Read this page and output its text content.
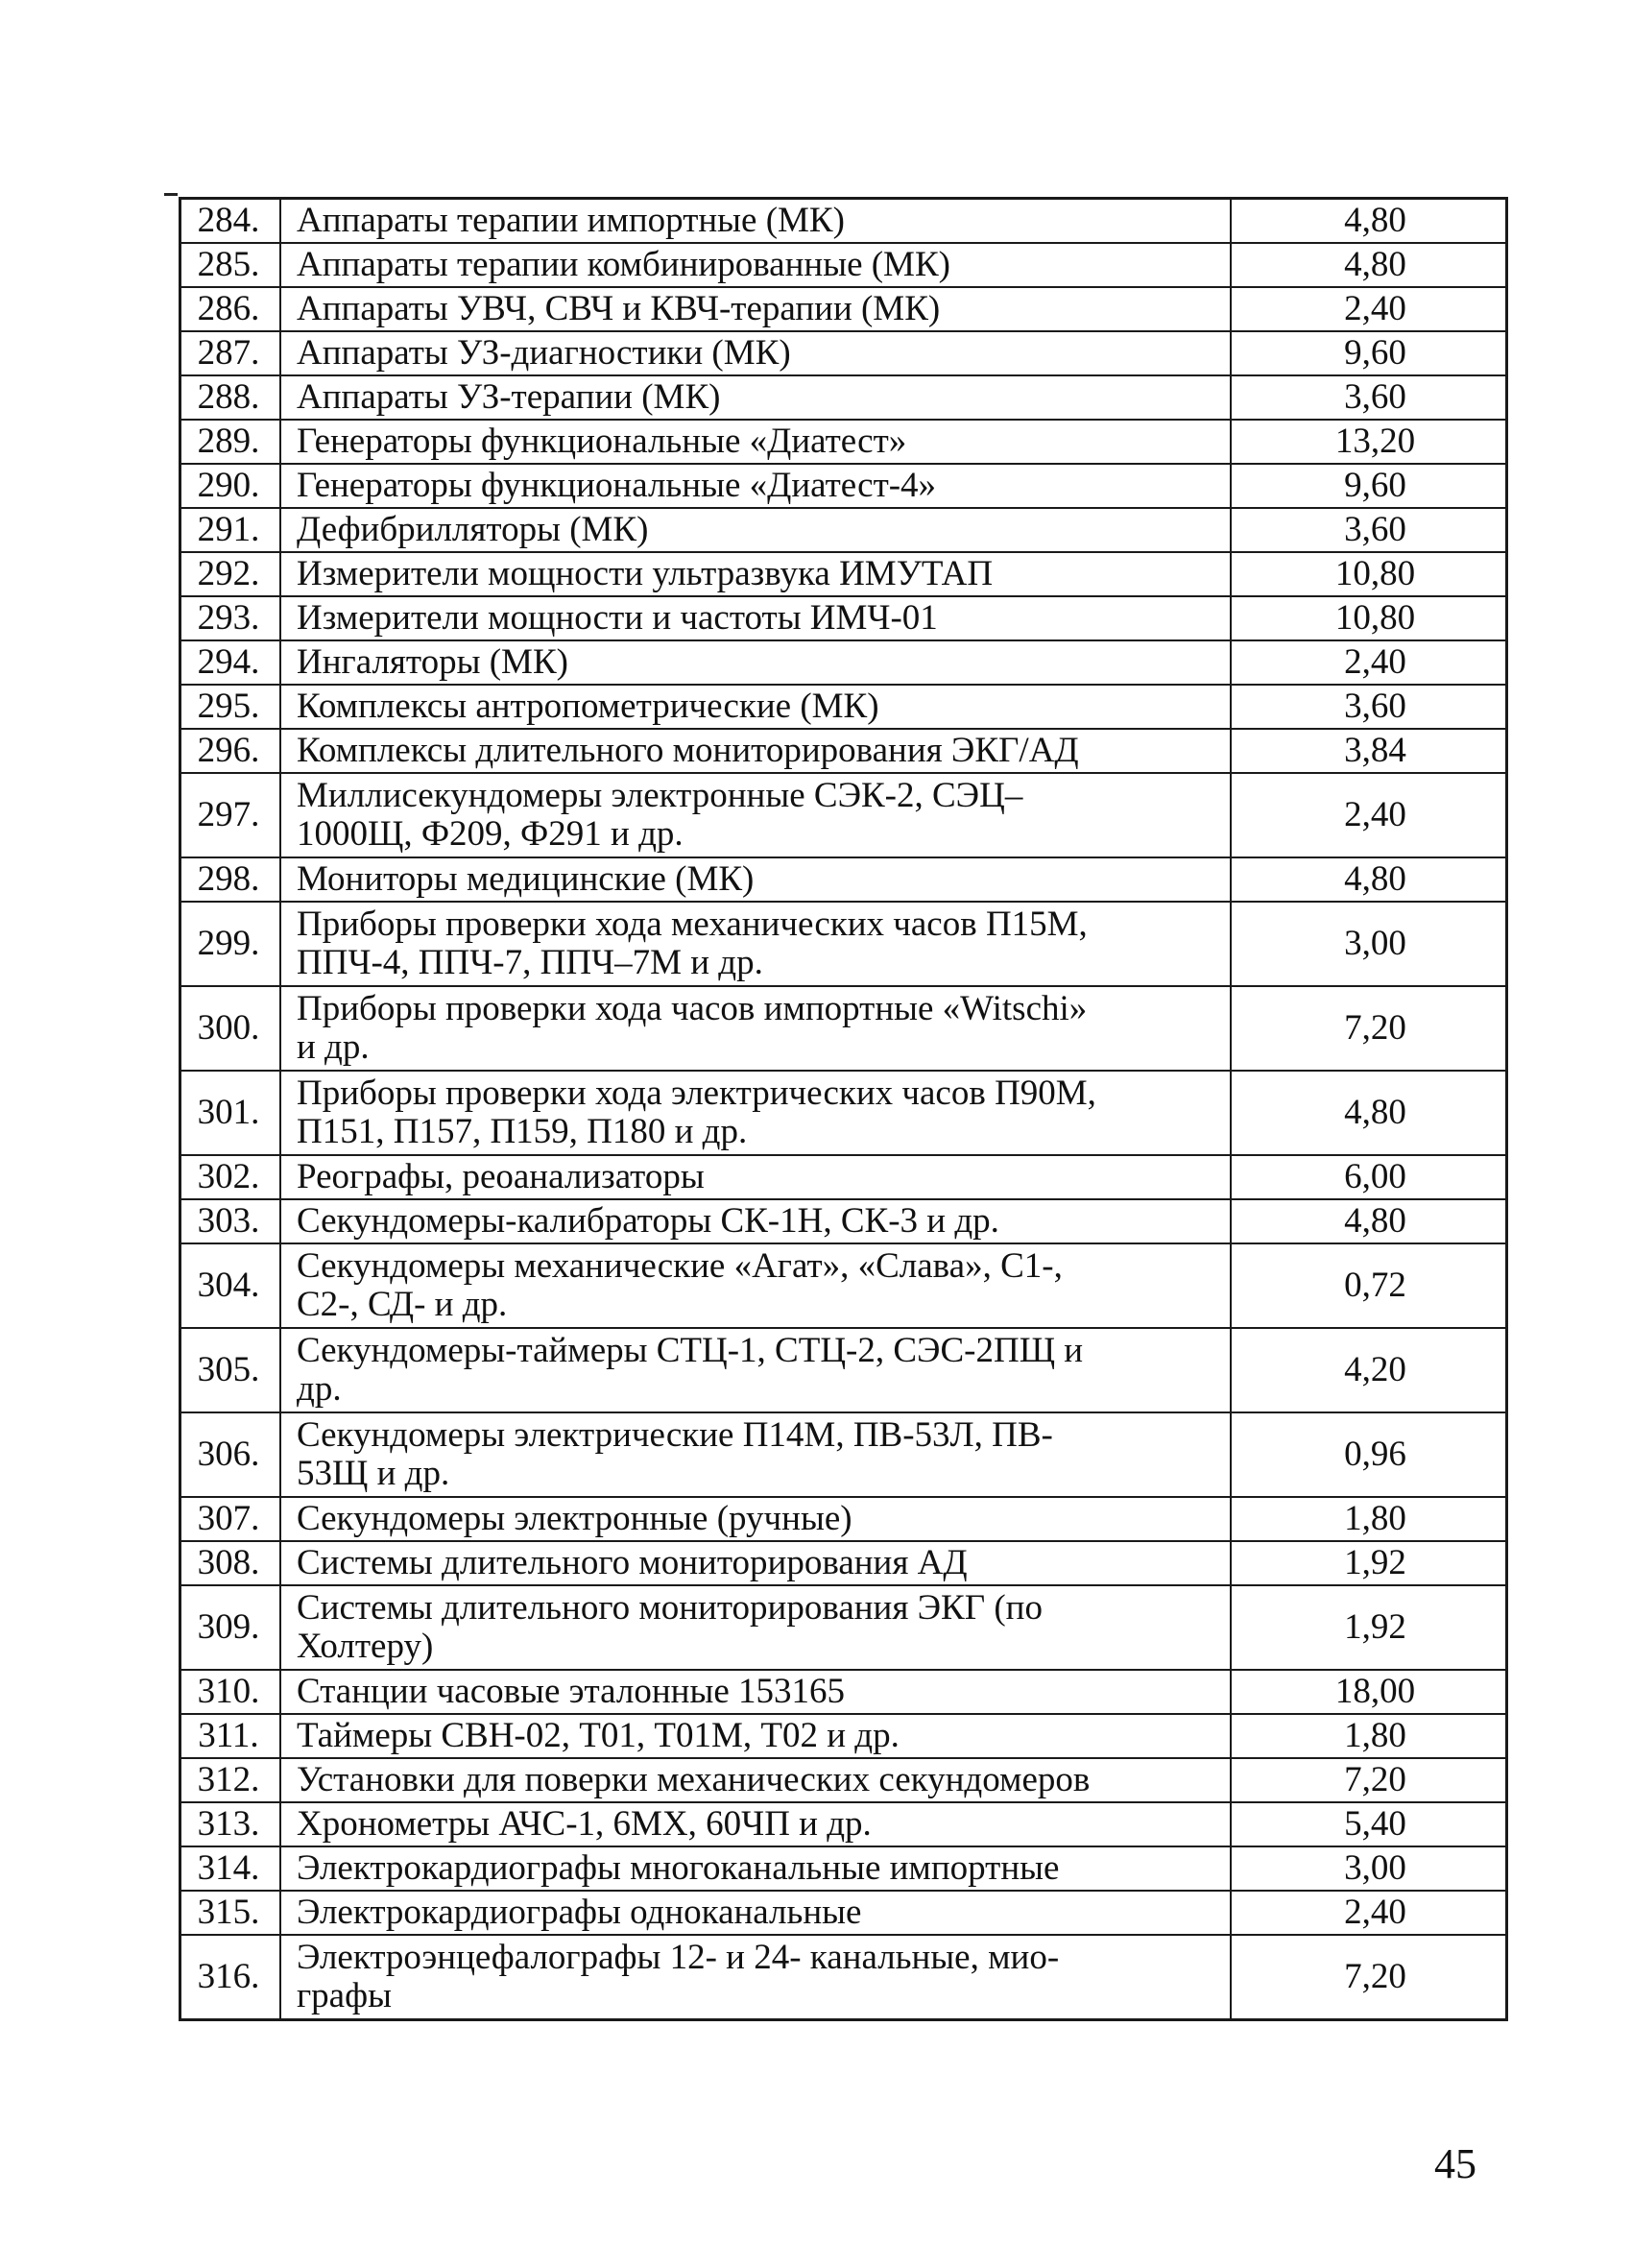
284.	Аппараты терапии импортные (МК)	4,80
285.	Аппараты терапии комбинированные (МК)	4,80
286.	Аппараты УВЧ, СВЧ и КВЧ-терапии (МК)	2,40
287.	Аппараты УЗ-диагностики (МК)	9,60
288.	Аппараты УЗ-терапии (МК)	3,60
289.	Генераторы функциональные «Диатест»	13,20
290.	Генераторы функциональные «Диатест-4»	9,60
291.	Дефибрилляторы (МК)	3,60
292.	Измерители мощности ультразвука ИМУТАП	10,80
293.	Измерители мощности и частоты ИМЧ-01	10,80
294.	Ингаляторы (МК)	2,40
295.	Комплексы антропометрические (МК)	3,60
296.	Комплексы длительного мониторирования ЭКГ/АД	3,84
297.	Миллисекундомеры электронные СЭК-2, СЭЦ–
1000Щ, Ф209, Ф291 и др.	2,40
298.	Мониторы медицинские (МК)	4,80
299.	Приборы проверки хода механических часов П15М,
ППЧ-4, ППЧ-7, ППЧ–7М и др.	3,00
300.	Приборы проверки хода часов импортные «Witschi»
и др.	7,20
301.	Приборы проверки хода электрических часов П90М,
П151, П157, П159, П180 и др.	4,80
302.	Реографы, реоанализаторы	6,00
303.	Секундомеры-калибраторы СК-1Н, СК-3 и др.	4,80
304.	Секундомеры механические «Агат», «Слава», С1-,
С2-, СД- и др.	0,72
305.	Секундомеры-таймеры СТЦ-1, СТЦ-2, СЭС-2ПЩ и
др.	4,20
306.	Секундомеры электрические П14М, ПВ-53Л, ПВ-
53Щ и др.	0,96
307.	Секундомеры электронные (ручные)	1,80
308.	Системы длительного мониторирования АД	1,92
309.	Системы длительного мониторирования ЭКГ (по
Холтеру)	1,92
310.	Станции часовые эталонные 153165	18,00
311.	Таймеры СВН-02, Т01, Т01М, Т02 и др.	1,80
312.	Установки для поверки механических секундомеров	7,20
313.	Хронометры АЧС-1, 6МХ, 60ЧП и др.	5,40
314.	Электрокардиографы многоканальные импортные	3,00
315.	Электрокардиографы одноканальные	2,40
316.	Электроэнцефалографы 12- и 24- канальные, мио-
графы	7,20
45
